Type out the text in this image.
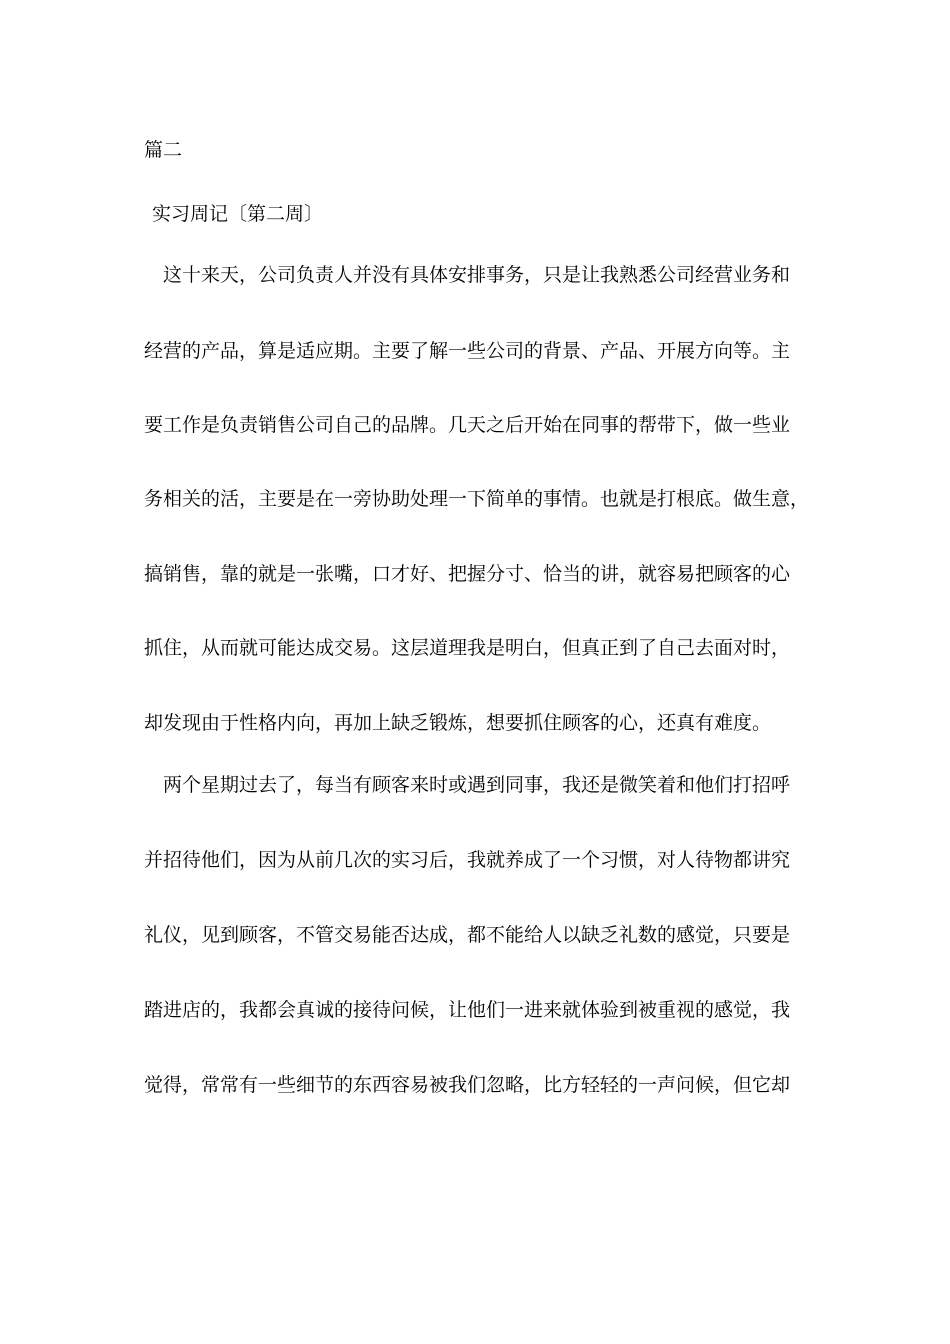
篇二
实习周记〔第二周〕
这十来天，公司负责人并没有具体安排事务，只是让我熟悉公司经营业务和
经营的产品，算是适应期。主要了解一些公司的背景、产品、开展方向等。主
要工作是负责销售公司自己的品牌。几天之后开始在同事的帮带下，做一些业
务相关的活，主要是在一旁协助处理一下简单的事情。也就是打根底。做生意，
搞销售，靠的就是一张嘴，口才好、把握分寸、恰当的讲，就容易把顾客的心
抓住，从而就可能达成交易。这层道理我是明白，但真正到了自己去面对时，
却发现由于性格内向，再加上缺乏锻炼，想要抓住顾客的心，还真有难度。
两个星期过去了，每当有顾客来时或遇到同事，我还是微笑着和他们打招呼
并招待他们，因为从前几次的实习后，我就养成了一个习惯，对人待物都讲究
礼仪，见到顾客，不管交易能否达成，都不能给人以缺乏礼数的感觉，只要是
踏进店的，我都会真诚的接待问候，让他们一进来就体验到被重视的感觉，我
觉得，常常有一些细节的东西容易被我们忽略，比方轻轻的一声问候，但它却
